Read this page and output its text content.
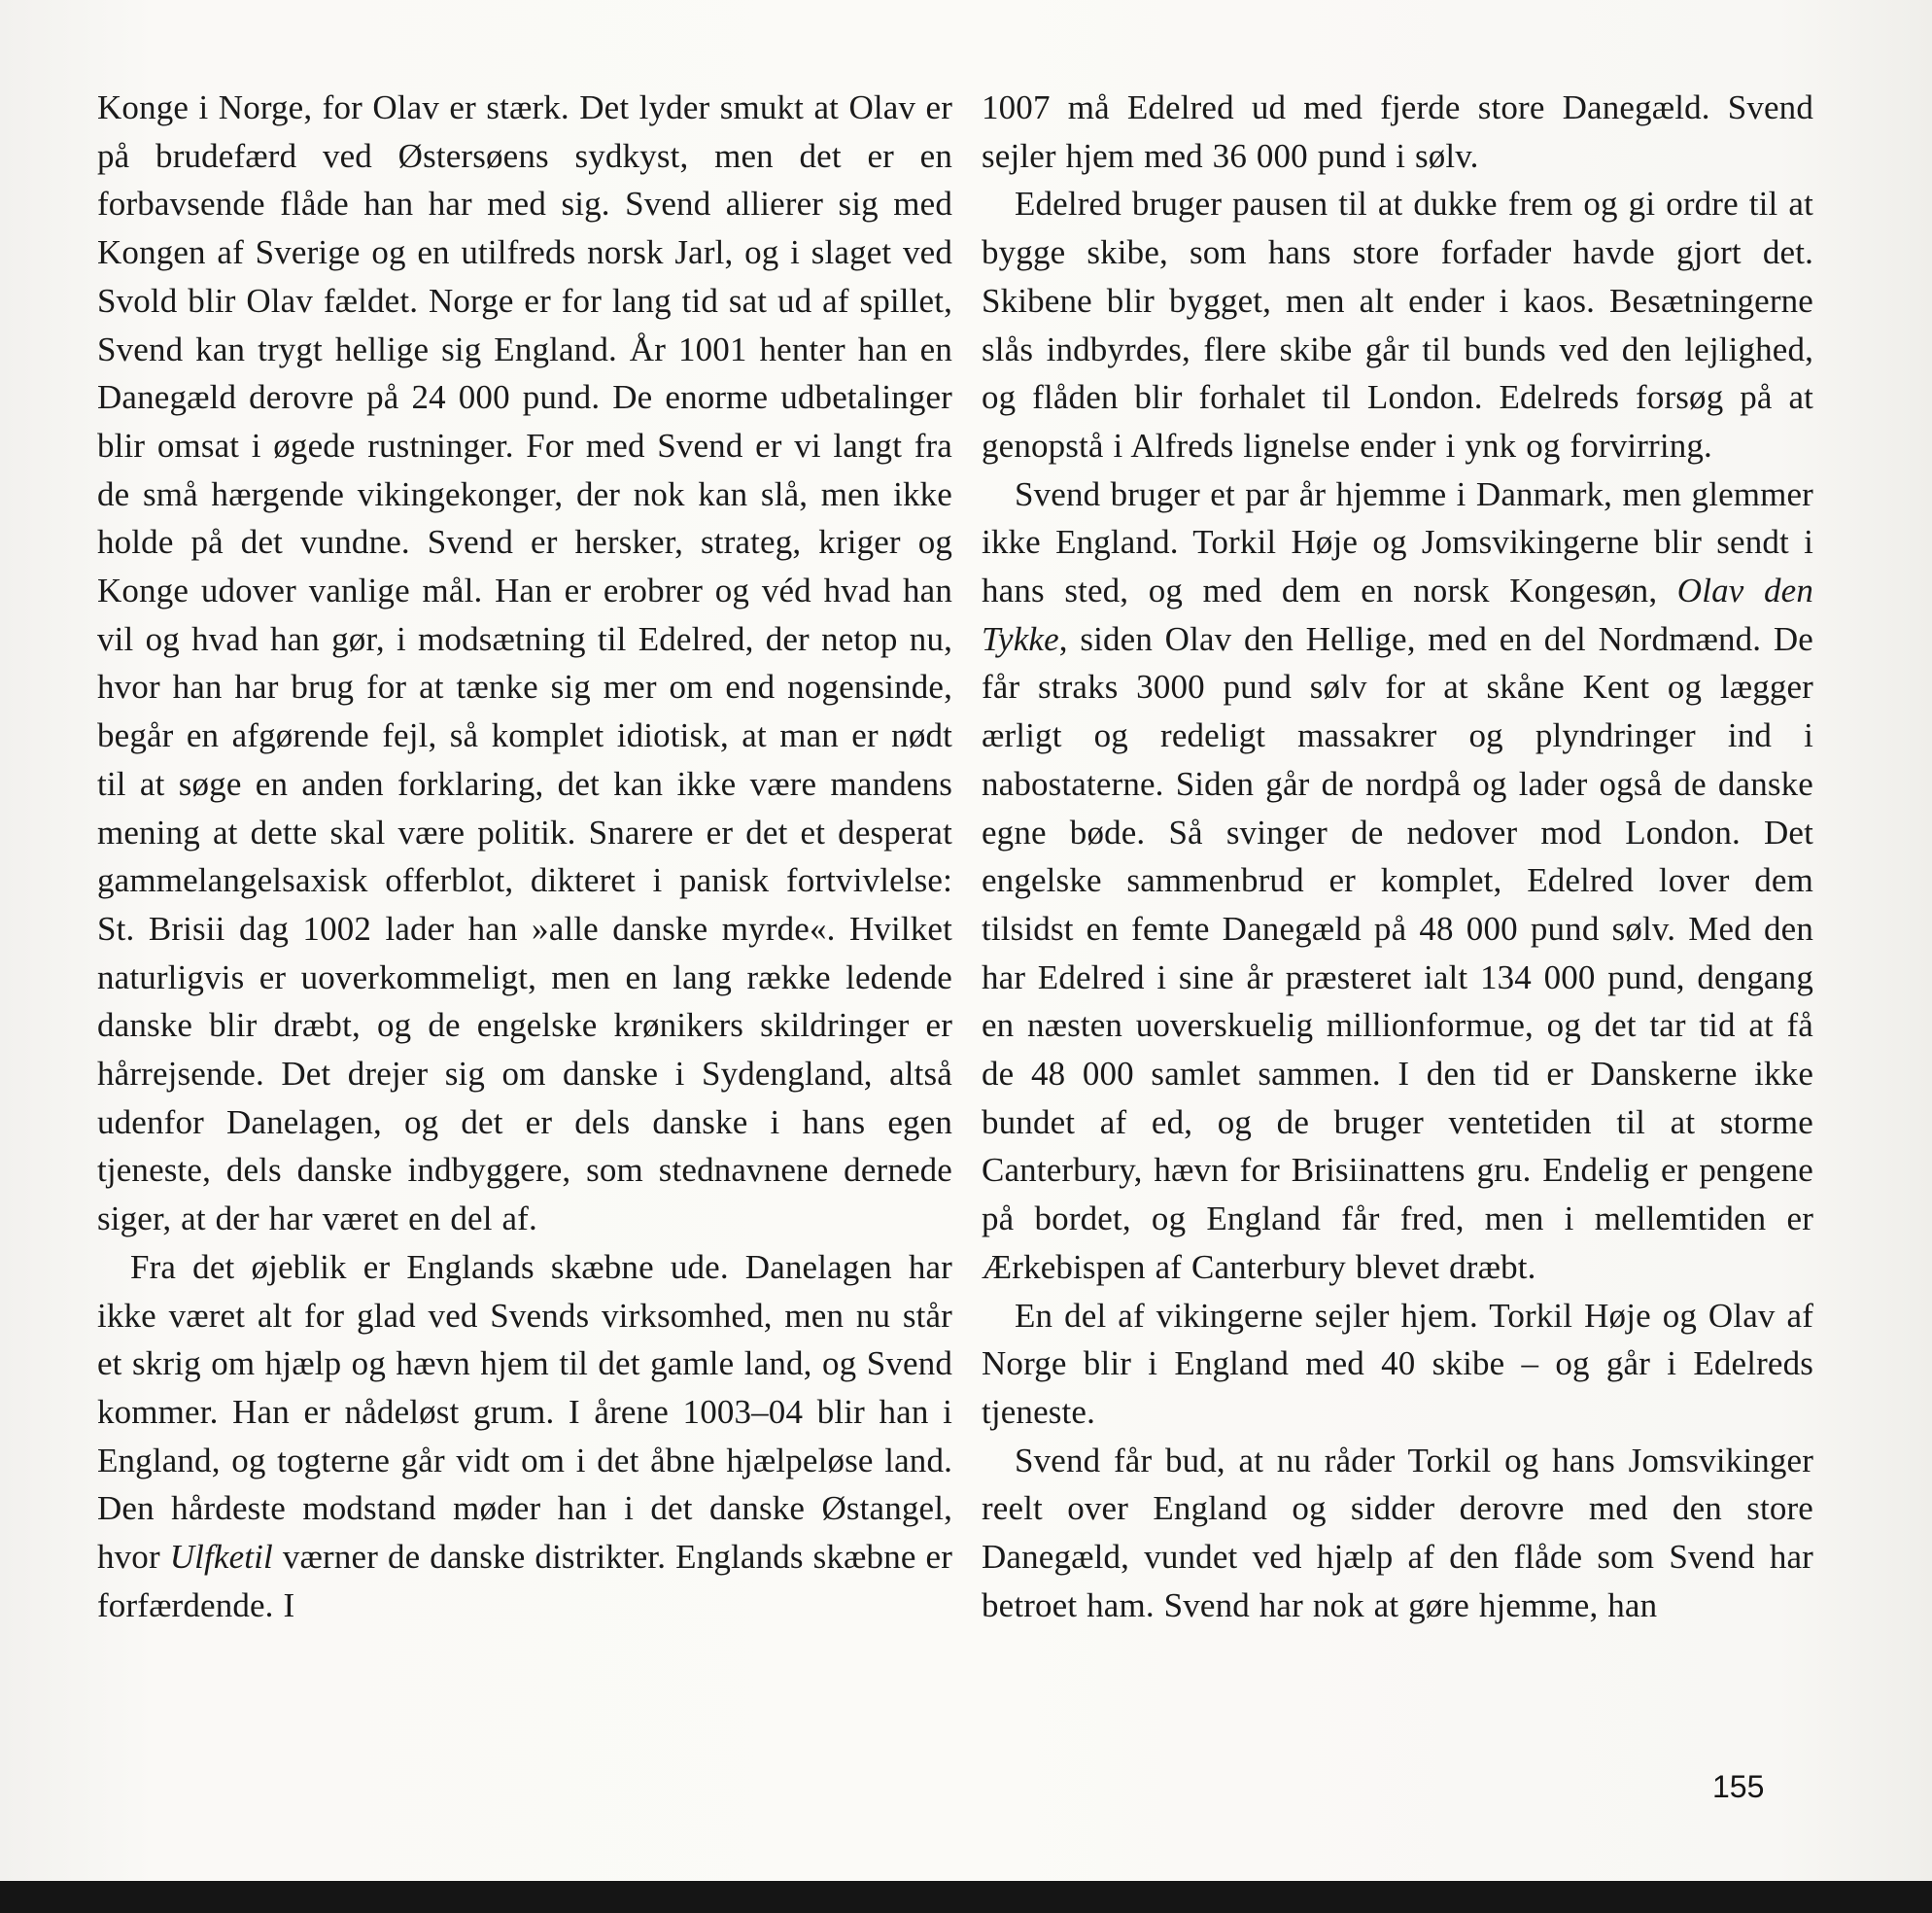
Konge i Norge, for Olav er stærk. Det lyder smukt at Olav er på brudefærd ved Østersøens sydkyst, men det er en forbavsende flåde han har med sig. Svend allierer sig med Kongen af Sverige og en utilfreds norsk Jarl, og i slaget ved Svold blir Olav fældet. Norge er for lang tid sat ud af spillet, Svend kan trygt hellige sig England. År 1001 henter han en Danegæld derovre på 24 000 pund. De enorme udbetalinger blir omsat i øgede rustninger. For med Svend er vi langt fra de små hærgende vikingekonger, der nok kan slå, men ikke holde på det vundne. Svend er hersker, strateg, kriger og Konge udover vanlige mål. Han er erobrer og véd hvad han vil og hvad han gør, i modsætning til Edelred, der netop nu, hvor han har brug for at tænke sig mer om end nogensinde, begår en afgørende fejl, så komplet idiotisk, at man er nødt til at søge en anden forklaring, det kan ikke være mandens mening at dette skal være politik. Snarere er det et desperat gammelangelsaxisk offerblot, dikteret i panisk fortvivlelse: St. Brisii dag 1002 lader han »alle danske myrde«. Hvilket naturligvis er uoverkommeligt, men en lang række ledende danske blir dræbt, og de engelske krønikers skildringer er hårrejsende. Det drejer sig om danske i Sydengland, altså udenfor Danelagen, og det er dels danske i hans egen tjeneste, dels danske indbyggere, som stednavnene dernede siger, at der har været en del af.

Fra det øjeblik er Englands skæbne ude. Danelagen har ikke været alt for glad ved Svends virksomhed, men nu står et skrig om hjælp og hævn hjem til det gamle land, og Svend kommer. Han er nådeløst grum. I årene 1003–04 blir han i England, og togterne går vidt om i det åbne hjælpeløse land. Den hårdeste modstand møder han i det danske Østangel, hvor Ulfketil værner de danske distrikter. Englands skæbne er forfærdende. I

1007 må Edelred ud med fjerde store Danegæld. Svend sejler hjem med 36 000 pund i sølv.

Edelred bruger pausen til at dukke frem og gi ordre til at bygge skibe, som hans store forfader havde gjort det. Skibene blir bygget, men alt ender i kaos. Besætningerne slås indbyrdes, flere skibe går til bunds ved den lejlighed, og flåden blir forhalet til London. Edelreds forsøg på at genopstå i Alfreds lignelse ender i ynk og forvirring.

Svend bruger et par år hjemme i Danmark, men glemmer ikke England. Torkil Høje og Jomsvikingerne blir sendt i hans sted, og med dem en norsk Kongesøn, Olav den Tykke, siden Olav den Hellige, med en del Nordmænd. De får straks 3000 pund sølv for at skåne Kent og lægger ærligt og redeligt massakrer og plyndringer ind i nabostaterne. Siden går de nordpå og lader også de danske egne bøde. Så svinger de nedover mod London. Det engelske sammenbrud er komplet, Edelred lover dem tilsidst en femte Danegæld på 48 000 pund sølv. Med den har Edelred i sine år præsteret ialt 134 000 pund, dengang en næsten uoverskuelig millionformue, og det tar tid at få de 48 000 samlet sammen. I den tid er Danskerne ikke bundet af ed, og de bruger ventetiden til at storme Canterbury, hævn for Brisiinattens gru. Endelig er pengene på bordet, og England får fred, men i mellemtiden er Ærkebispen af Canterbury blevet dræbt.

En del af vikingerne sejler hjem. Torkil Høje og Olav af Norge blir i England med 40 skibe – og går i Edelreds tjeneste.

Svend får bud, at nu råder Torkil og hans Jomsvikinger reelt over England og sidder derovre med den store Danegæld, vundet ved hjælp af den flåde som Svend har betroet ham. Svend har nok at gøre hjemme, han

155
